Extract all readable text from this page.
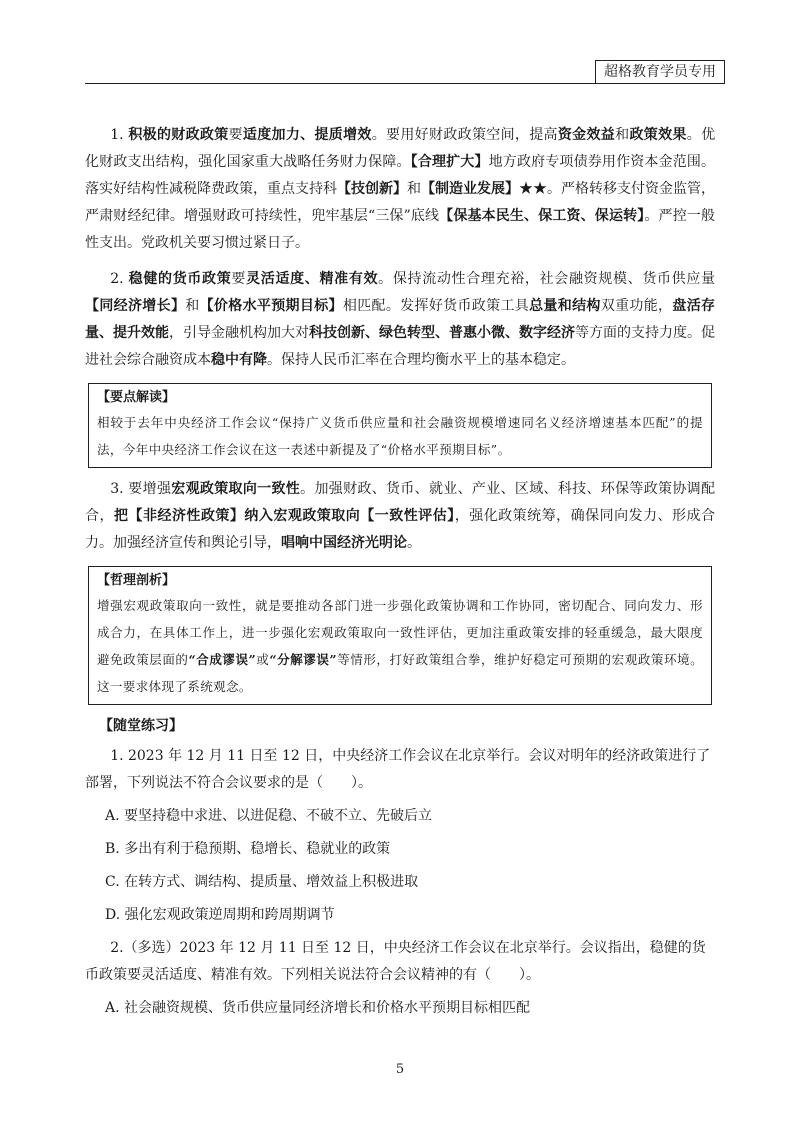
超格教育学员专用

1. 积极的财政政策要适度加力、提质增效。要用好财政政策空间，提高资金效益和政策效果。优化财政支出结构，强化国家重大战略任务财力保障。【合理扩大】地方政府专项债券用作资本金范围。落实好结构性减税降费政策，重点支持科【技创新】和【制造业发展】★★。严格转移支付资金监管，严肃财经纪律。增强财政可持续性，兜牢基层“三保”底线【保基本民生、保工资、保运转】。严控一般性支出。党政机关要习惯过紧日子。

2. 稳健的货币政策要灵活适度、精准有效。保持流动性合理充裕，社会融资规模、货币供应量【同经济增长】和【价格水平预期目标】相匹配。发挥好货币政策工具总量和结构双重功能，盘活存量、提升效能，引导金融机构加大对科技创新、绿色转型、普惠小微、数字经济等方面的支持力度。促进社会综合融资成本稳中有降。保持人民币汇率在合理均衡水平上的基本稳定。

【要点解读】
相较于去年中央经济工作会议“保持广义货币供应量和社会融资规模增速同名义经济增速基本匹配”的提法，今年中央经济工作会议在这一表述中新提及了“价格水平预期目标”。

3. 要增强宏观政策取向一致性。加强财政、货币、就业、产业、区域、科技、环保等政策协调配合，把【非经济性政策】纳入宏观政策取向【一致性评估】，强化政策统筹，确保同向发力、形成合力。加强经济宣传和舆论引导，唱响中国经济光明论。

【哲理剖析】
增强宏观政策取向一致性，就是要推动各部门进一步强化政策协调和工作协同，密切配合、同向发力、形成合力，在具体工作上，进一步强化宏观政策取向一致性评估，更加注重政策安排的轻重缓急，最大限度避免政策层面的“合成谬误”或“分解谬误”等情形，打好政策组合拳，维护好稳定可预期的宏观政策环境。这一要求体现了系统观念。
【随堂练习】
1. 2023 年 12 月 11 日至 12 日，中央经济工作会议在北京举行。会议对明年的经济政策进行了部署，下列说法不符合会议要求的是（　　）。
A. 要坚持稳中求进、以进促稳、不破不立、先破后立
B. 多出有利于稳预期、稳增长、稳就业的政策
C. 在转方式、调结构、提质量、增效益上积极进取
D. 强化宏观政策逆周期和跨周期调节
2.（多选）2023 年 12 月 11 日至 12 日，中央经济工作会议在北京举行。会议指出，稳健的货币政策要灵活适度、精准有效。下列相关说法符合会议精神的有（　　）。
A. 社会融资规模、货币供应量同经济增长和价格水平预期目标相匹配
5
